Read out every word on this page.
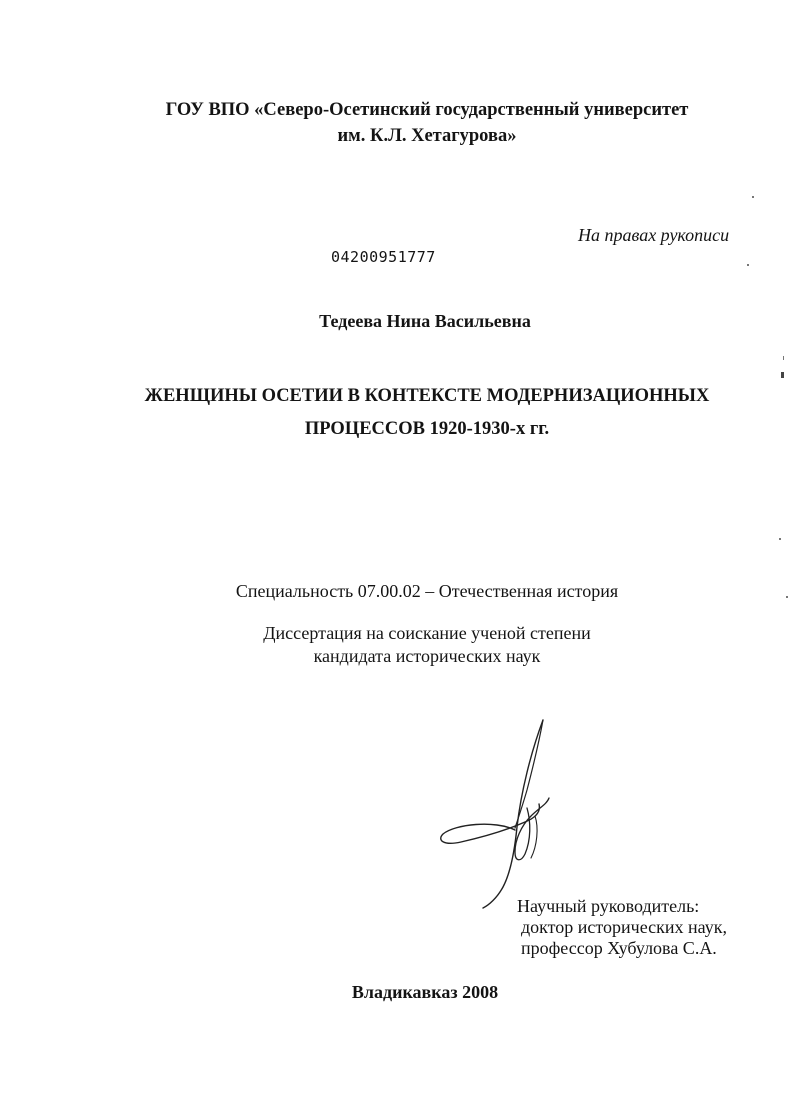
ГОУ ВПО «Северо-Осетинский государственный университет
им. К.Л. Хетагурова»
На правах рукописи
04200951777
Тедеева Нина Васильевна
ЖЕНЩИНЫ ОСЕТИИ В КОНТЕКСТЕ МОДЕРНИЗАЦИОННЫХ
ПРОЦЕССОВ 1920-1930-х гг.
Специальность 07.00.02 – Отечественная история
Диссертация на соискание ученой степени
кандидата исторических наук
Научный руководитель:
доктор исторических наук,
профессор Хубулова С.А.
Владикавказ 2008
